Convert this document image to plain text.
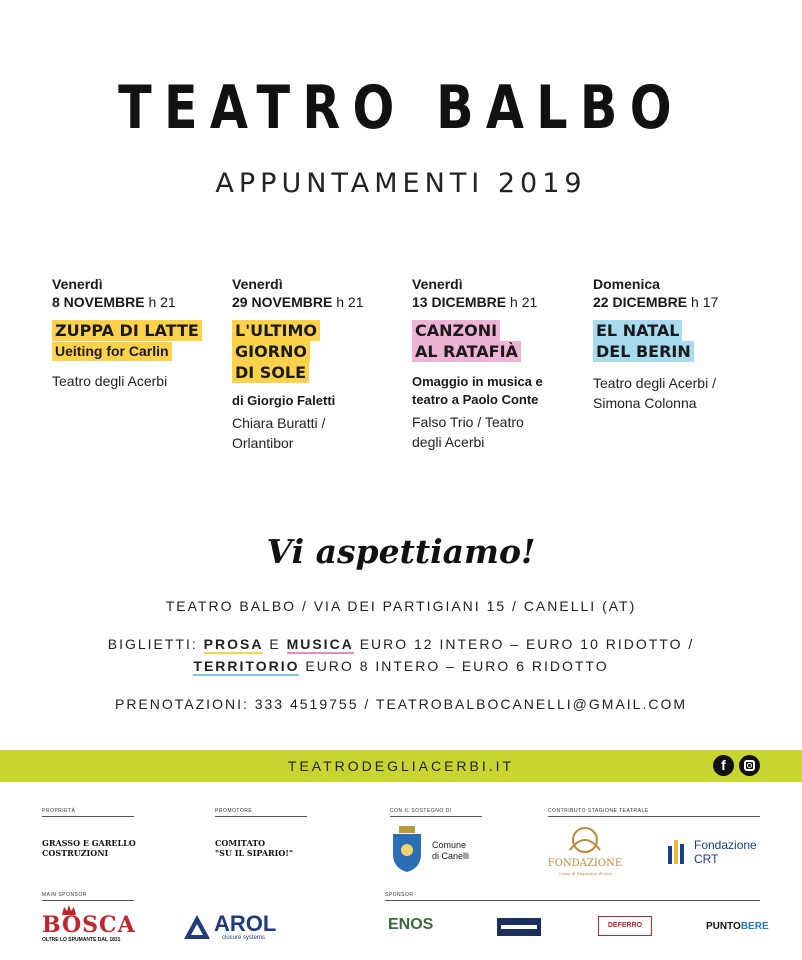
TEATRO BALBO
APPUNTAMENTI 2019
Venerdì
8 NOVEMBRE h 21
ZUPPA DI LATTE
Ueiting for Carlin
Teatro degli Acerbi
Venerdì
29 NOVEMBRE h 21
L'ULTIMO
GIORNO
DI SOLE
di Giorgio Faletti
Chiara Buratti /
Orlantibor
Venerdì
13 DICEMBRE h 21
CANZONI
AL RATAFIÀ
Omaggio in musica e
teatro a Paolo Conte
Falso Trio / Teatro
degli Acerbi
Domenica
22 DICEMBRE h 17
EL NATAL
DEL BERIN
Teatro degli Acerbi /
Simona Colonna
Vi aspettiamo!
TEATRO BALBO / VIA DEI PARTIGIANI 15 / CANELLI (AT)
BIGLIETTI: PROSA E MUSICA EURO 12 INTERO – EURO 10 RIDOTTO /
TERRITORIO EURO 8 INTERO – EURO 6 RIDOTTO
PRENOTAZIONI: 333 4519755 / TEATROBALBOCANELLI@GMAIL.COM
TEATRODEGLIACERBI.IT	f
PROPRIETÀ
GRASSO E GARELLO
COSTRUZIONI
PROMOTORE
COMITATO
"SU IL SIPARIO!"
CON IL SOSTEGNO DI
Comune
di Canelli
CONTRIBUTO STAGIONE TEATRALE
FONDAZIONE
Cassa di Risparmio di Asti
Fondazione
CRT
MAIN SPONSOR
BOSCA
OLTRE LO SPUMANTE DAL 1831
AROL
closure systems
SPONSOR
ENOS	DEFERRO	PUNTOBERE
